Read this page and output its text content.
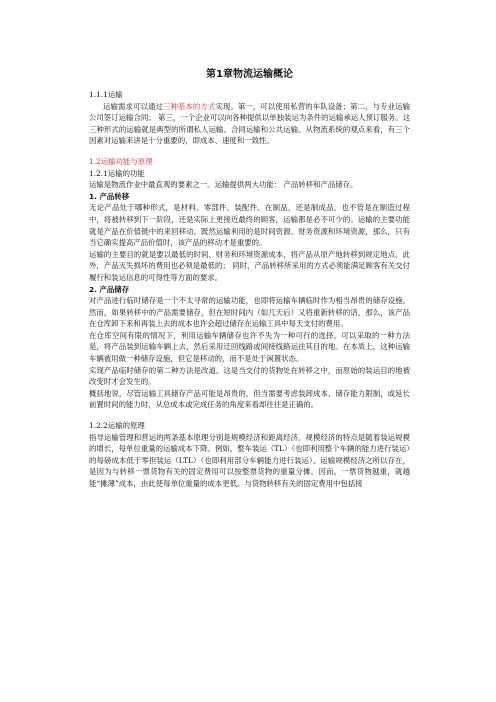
第1章物流运输概论
1.1.1运输
运输需求可以通过三种基本的方式实现。第一，可以使用私营的车队设备；第二，与专业运输公司签订运输合同； 第三，一个企业可以向各种提供以单独装运为条件的运输承运人预订服务。这三种形式的运输就是典型的所谓私人运输、合同运输和公共运输。从物流系统的观点来看，有三个因素对运输来讲是十分重要的，即成本、速度和一致性。
1.2运输功能与原理
1.2.1运输的功能
运输是物流作业中最直观的要素之一。运输提供两大功能： 产品转移和产品储存。
1. 产品转移
无论产品处于哪种形式，是材料、零部件、装配件、在制品，还是制成品，也不管是在制造过程中，将被转移到下一阶段，还是实际上更接近最终的顾客，运输都是必不可少的。运输的主要功能就是产品在价值链中的来回移动。既然运输利用的是时间资源、财务资源和环境资源，那么，只有当它确实提高产品价值时，该产品的移动才是重要的。
运输的主要目的就是要以最低的时间、财务和环境资源成本，将产品从原产地转移到规定地点。此外，产品灭失损坏的费用也必须是最低的； 同时，产品转移所采用的方式必须能满足顾客有关交付履行和装运信息的可得性等方面的要求。
2. 产品储存
对产品进行临时储存是一个不太寻常的运输功能，也即将运输车辆临时作为相当昂贵的储存设施。然而，如果转移中的产品需要储存，但在短时间内（如几天后）又将重新转移的话，那么，该产品在仓库卸下来和再装上去的成本也许会超过储存在运输工具中每天支付的费用。
在仓库空间有限的情况下，利用运输车辆储存也许不失为一种可行的选择。可以采取的一种方法是，将产品装到运输车辆上去，然后采用迂回线路或间接线路运往其目的地。在本质上，这种运输车辆被用做一种储存设施，但它是移动的，而不是处于闲置状态。
实现产品临时储存的第二种方法是改道。这是当交付的货物处在转移之中，而原始的装运目的地被改变时才会发生的。
概括地说，尽管运输工具储存产品可能是昂贵的，但当需要考虑装卸成本、储存能力限制，或延长前置时间的能力时，从总成本或完成任务的角度来看却往往是正确的。
1.2.2运输的原理
指导运输管理和营运的两条基本原理分别是规模经济和距离经济。规模经济的特点是随着装运规模的增长，每单位重量的运输成本下降。例如，整车装运（TL）（也即利用整个车辆的能力进行装运）的每磅成本低于零担装运（LTL）（也即利用部分车辆能力进行装运）。运输规模经济之所以存在，是因为与转移一票货物有关的固定费用可以按整票货物的重量分摊。因而，一票货物越重，就越能“摊薄”成本，由此使每单位重量的成本更低。与货物转移有关的固定费用中包括接
